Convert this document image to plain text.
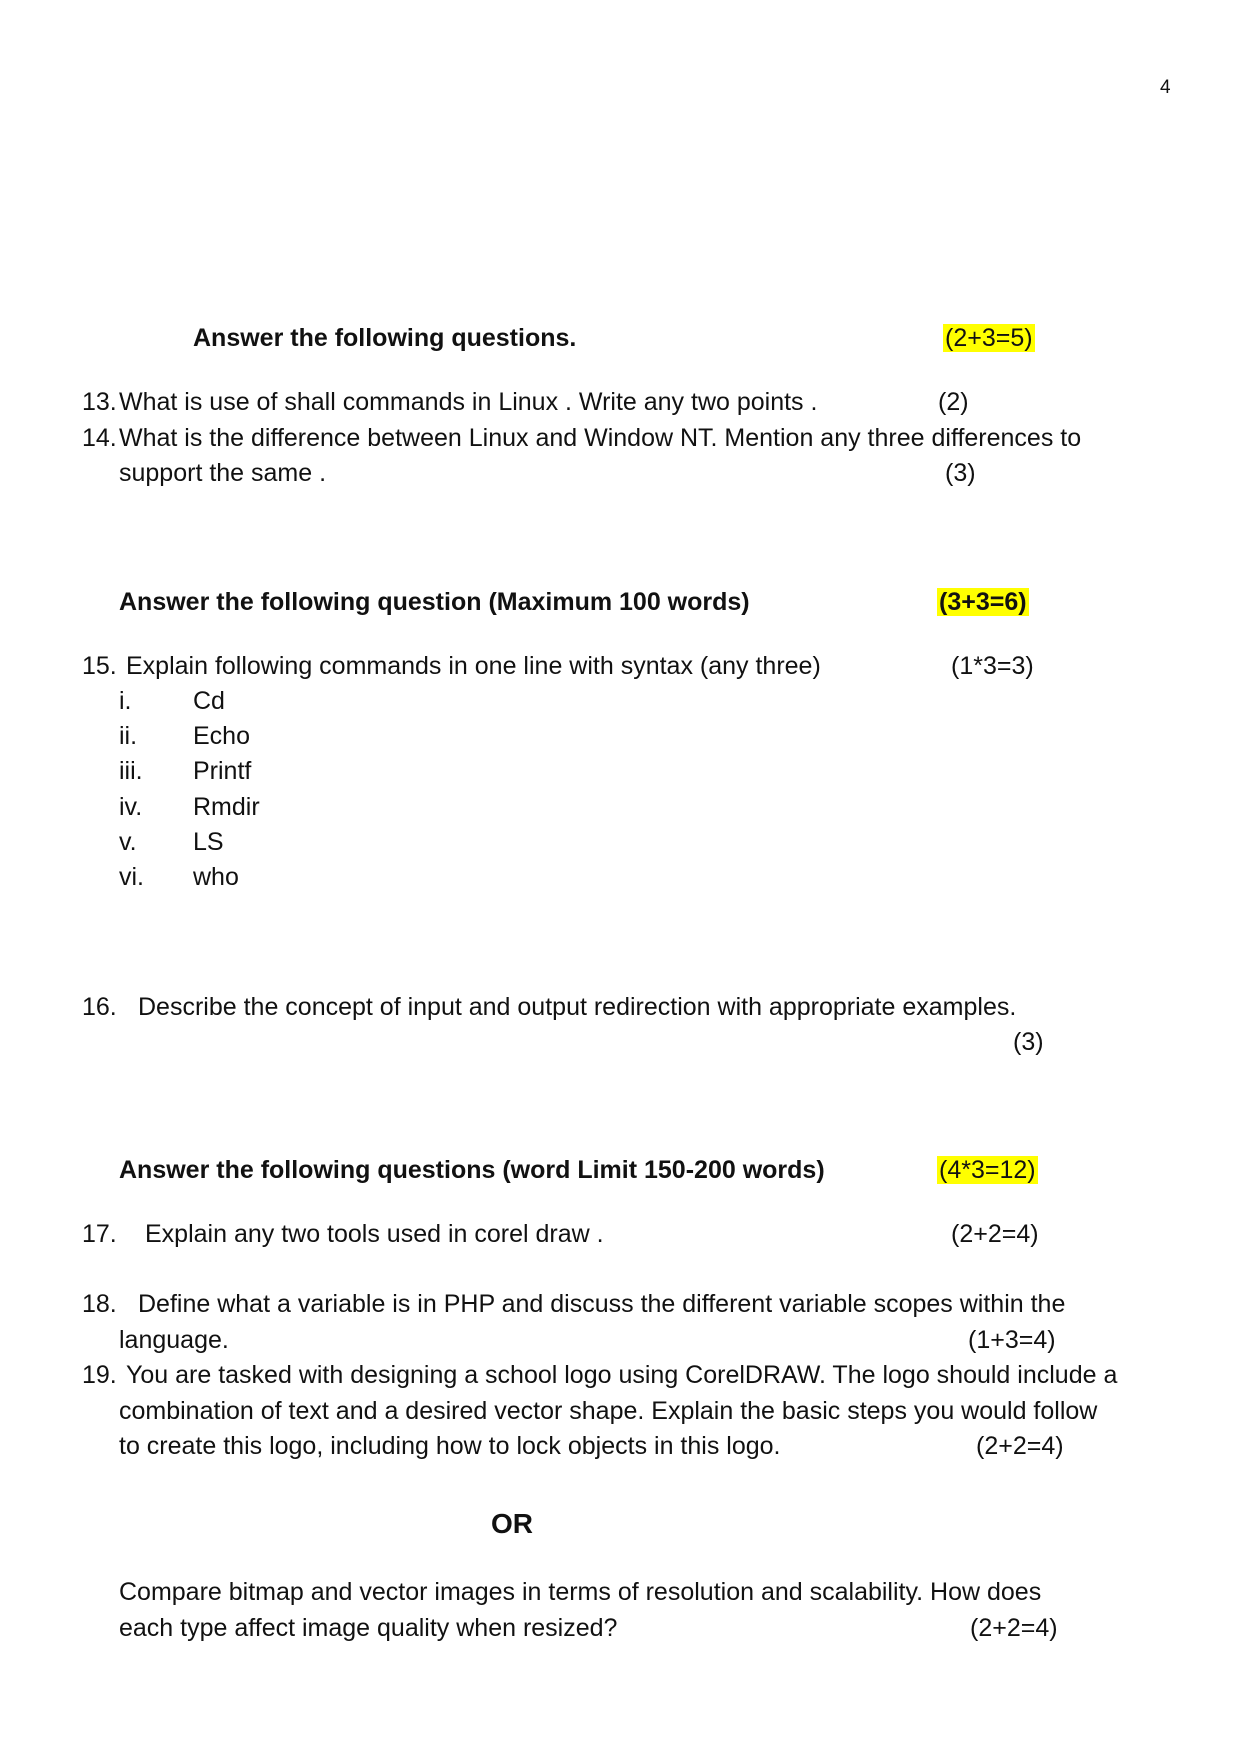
4
Answer the following questions.	(2+3=5)
13. What is use of shall commands in Linux . Write any two points .	(2)
14. What is the difference between Linux and Window NT. Mention any three differences to
support the same .	(3)
Answer the following question (Maximum 100 words)	(3+3=6)
15. Explain following commands in one line with syntax (any three)	(1*3=3)
i. Cd
ii. Echo
iii. Printf
iv. Rmdir
v. LS
vi. who
16. Describe the concept of input and output redirection with appropriate examples.
(3)
Answer the following questions (word Limit 150-200 words)	(4*3=12)
17. Explain any two tools used in corel draw .	(2+2=4)
18. Define what a variable is in PHP and discuss the different variable scopes within the
language.	(1+3=4)
19. You are tasked with designing a school logo using CorelDRAW. The logo should include a
combination of text and a desired vector shape. Explain the basic steps you would follow
to create this logo, including how to lock objects in this logo.	(2+2=4)
OR
Compare bitmap and vector images in terms of resolution and scalability. How does
each type affect image quality when resized?	(2+2=4)
